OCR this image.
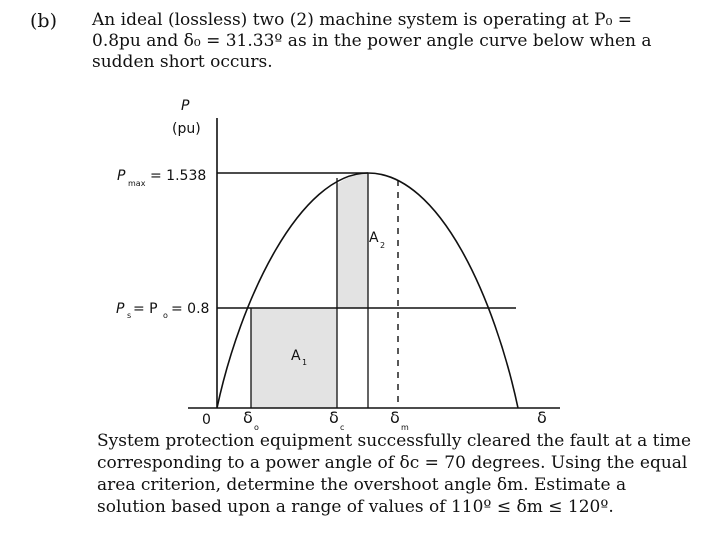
(b) An ideal (lossless) two (2) machine system is operating at P₀ = 0.8pu and δ₀ = 31.33º as in the power angle curve below when a sudden short occurs.
P
(pu)
P max = 1.538
P s = P o = 0.8
A 1
A 2
0 δ
o
δ
c
δ
m
δ
System protection equipment successfully cleared the fault at a time corresponding to a power angle of δc = 70 degrees. Using the equal area criterion, determine the overshoot angle δm. Estimate a solution based upon a range of values of 110º ≤ δm ≤ 120º.
